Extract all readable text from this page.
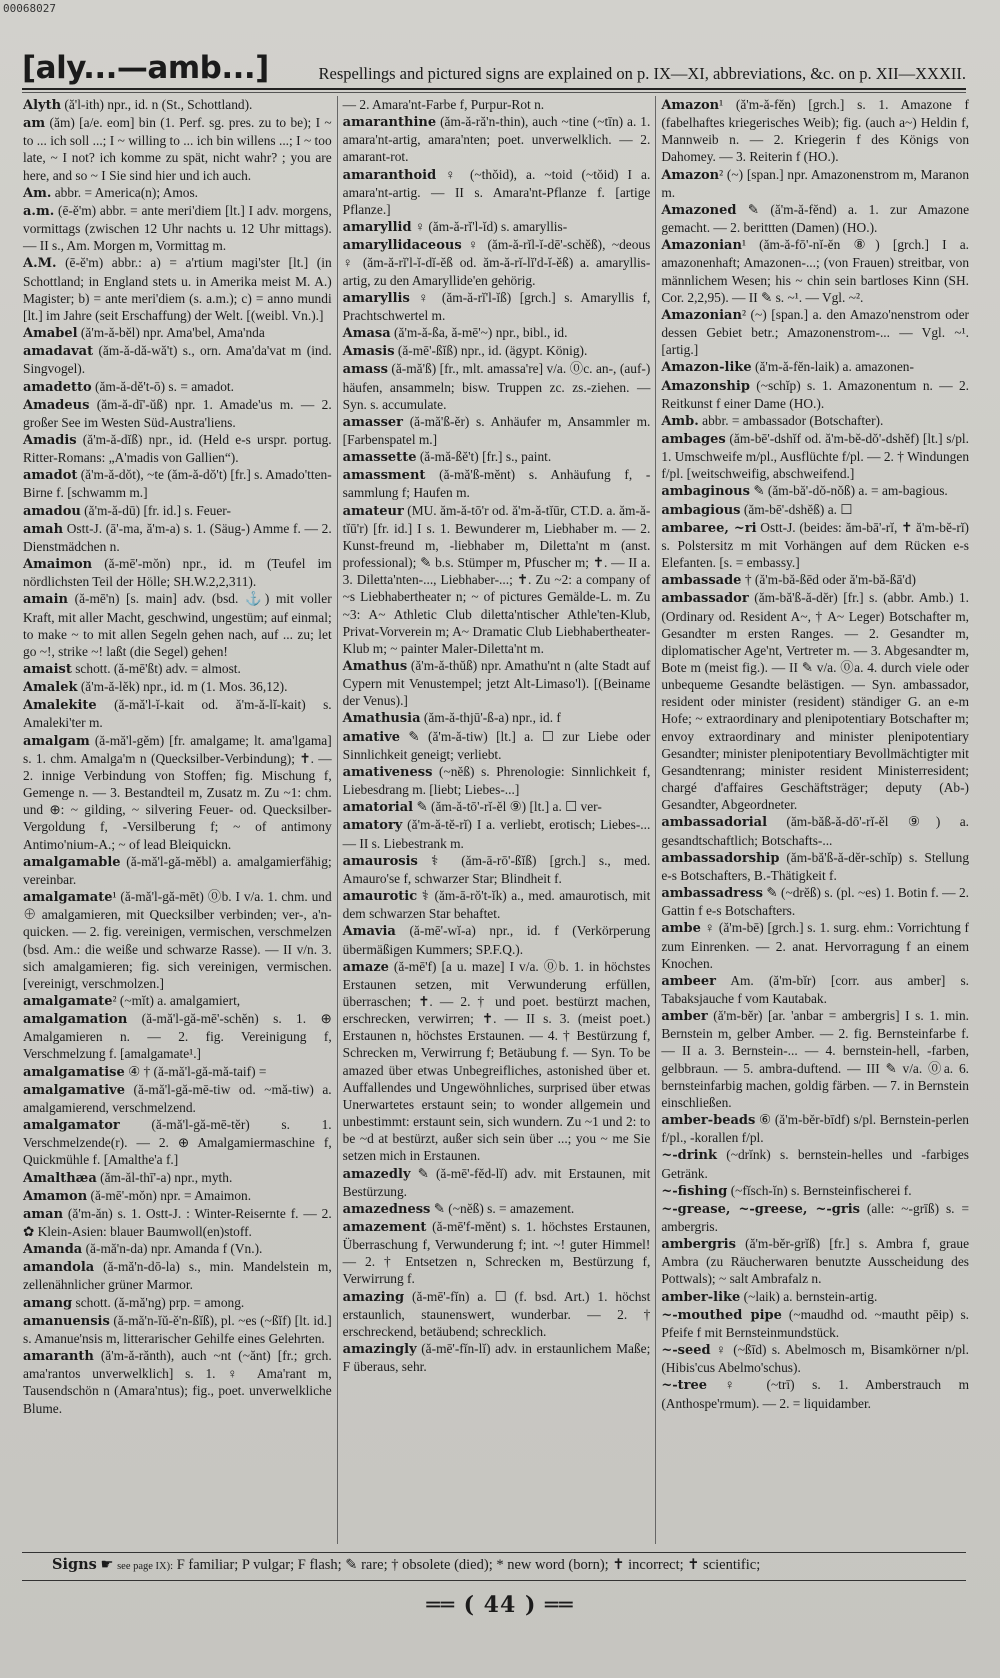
00068027
[aly...—amb...]	Respellings and pictured signs are explained on p. IX—XI, abbreviations, &c. on p. XII—XXXII.

Alyth (ă'l-ith) npr., id. n (St., Schottland).

am (ăm) [a/e. eom] bin (1. Perf. sg. pres. zu to be); I ~ to ... ich soll ...; I ~ willing to ... ich bin willens ...; I ~ too late, ~ I not? ich komme zu spät, nicht wahr? ; you are here, and so ~ I Sie sind hier und ich auch.

Am. abbr. = America(n); Amos.

a.m. (ē-ĕ'm) abbr. = ante meri'diem [lt.] I adv. morgens, vormittags (zwischen 12 Uhr nachts u. 12 Uhr mittags). — II s., Am. Morgen m, Vormittag m.

A.M. (ē-ĕ'm) abbr.: a) = a'rtium magi'ster [lt.] (in Schottland; in England stets u. in Amerika meist M. A.) Magister; b) = ante meri'diem (s. a.m.); c) = anno mundi [lt.] im Jahre (seit Erschaffung) der Welt. [(weibl. Vn.).]

Amabel (ă'm-ă-bĕl) npr. Ama'bel, Ama'nda

amadavat (ăm-ă-dă-wă't) s., orn. Ama'da'vat m (ind. Singvogel).

amadetto (ăm-ă-dĕ't-ō) s. = amadot.

Amadeus (ăm-ă-dī'-ŭß) npr. 1. Amade'us m. — 2. großer See im Westen Süd-Austra'liens.

Amadis (ă'm-ă-dĭß) npr., id. (Held e-s urspr. portug. Ritter-Romans: „A'madis von Gallien“).

amadot (ă'm-ă-dŏt), ~te (ăm-ă-dŏ't) [fr.] s. Amado'tten-Birne f. [schwamm m.]

amadou (ă'm-ă-dū) [fr. id.] s. Feuer-

amah Ostt-J. (ā'-ma, ă'm-a) s. 1. (Säug-) Amme f. — 2. Dienstmädchen n.

Amaimon (ă-mē'-mŏn) npr., id. m (Teufel im nördlichsten Teil der Hölle; SH.W.2,2,311).

amain (ă-mē'n) [s. main] adv. (bsd. ⚓) mit voller Kraft, mit aller Macht, geschwind, ungestüm; auf einmal; to make ~ to mit allen Segeln gehen nach, auf ... zu; let go ~!, strike ~! laßt (die Segel) gehen!

amaist schott. (ă-mē'ßt) adv. = almost.

Amalek (ă'm-ă-lĕk) npr., id. m (1. Mos. 36,12).

Amalekite (ă-mă'l-ĭ-kait od. ă'm-ă-lĭ-kait) s. Amaleki'ter m.

amalgam (ă-mă'l-gĕm) [fr. amalgame; lt. ama'lgama] s. 1. chm. Amalga'm n (Quecksilber-Verbindung); ✝. — 2. innige Verbindung von Stoffen; fig. Mischung f, Gemenge n. — 3. Bestandteil m, Zusatz m. Zu ~1: chm. und ⊕: ~ gilding, ~ silvering Feuer- od. Quecksilber-Vergoldung f, -Versilberung f; ~ of antimony Antimo'nium-A.; ~ of lead Bleiquickn.

amalgamable (ă-mă'l-gă-mĕbl) a. amalgamierfähig; vereinbar.

amalgamate¹ (ă-mă'l-gă-mēt) ⓪b. I v/a. 1. chm. und ⊕ amalgamieren, mit Quecksilber verbinden; ver-, a'n-quicken. — 2. fig. vereinigen, vermischen, verschmelzen (bsd. Am.: die weiße und schwarze Rasse). — II v/n. 3. sich amalgamieren; fig. sich vereinigen, vermischen. [vereinigt, verschmolzen.]

amalgamate² (~mĭt) a. amalgamiert,

amalgamation (ă-mă'l-gă-mē'-schĕn) s. 1. ⊕ Amalgamieren n. — 2. fig. Vereinigung f, Verschmelzung f. [amalgamate¹.]

amalgamatise ④ † (ă-mă'l-gă-mă-taif) =

amalgamative (ă-mă'l-gă-mē-tiw od. ~mă-tiw) a. amalgamierend, verschmelzend.

amalgamator (ă-mă'l-gă-mē-tĕr) s. 1. Verschmelzende(r). — 2. ⊕ Amalgamiermaschine f, Quickmühle f. [Amalthe'a f.]

Amalthæa (ăm-ăl-thī'-a) npr., myth.

Amamon (ă-mē'-mŏn) npr. = Amaimon.

aman (ă'm-ăn) s. 1. Ostt-J. : Winter-Reisernte f. — 2. ✿ Klein-Asien: blauer Baumwoll(en)stoff.

Amanda (ă-mă'n-da) npr. Amanda f (Vn.).

amandola (ă-mă'n-dō-la) s., min. Mandelstein m, zellenähnlicher grüner Marmor.

amang schott. (ă-mă'ng) prp. = among.

amanuensis (ă-mă'n-ĭŭ-ĕ'n-ßĭß), pl. ~es (~ßĭf) [lt. id.] s. Amanue'nsis m, litterarischer Gehilfe eines Gelehrten.

amaranth (ă'm-ă-rănth), auch ~nt (~ănt) [fr.; grch. ama'rantos unverwelklich] s. 1. ♀ Ama'rant m, Tausendschön n (Amara'ntus); fig., poet. unverwelkliche Blume.

— 2. Amara'nt-Farbe f, Purpur-Rot n.

amaranthine (ăm-ă-ră'n-thin), auch ~tine (~tīn) a. 1. amara'nt-artig, amara'nten; poet. unverwelklich. — 2. amarant-rot.

amaranthoid ♀ (~thŏid), a. ~toid (~tŏid) I a. amara'nt-artig. — II s. Amara'nt-Pflanze f. [artige Pflanze.]

amaryllid ♀ (ăm-ă-rĭ'l-ĭd) s. amaryllis-

amaryllidaceous ♀ (ăm-ă-rĭl-ĭ-dē'-schĕß), ~deous ♀ (ăm-ă-rĭ'l-ĭ-dĭ-ĕß od. ăm-ă-rĭ-lĭ'd-ĭ-ĕß) a. amaryllis-artig, zu den Amaryllide'en gehörig.

amaryllis ♀ (ăm-ă-rĭ'l-ĭß) [grch.] s. Amaryllis f, Prachtschwertel m.

Amasa (ă'm-ă-ßa, ă-mē'~) npr., bibl., id.

Amasis (ă-mē'-ßĭß) npr., id. (ägypt. König).

amass (ă-mă'ß) [fr., mlt. amassa're] v/a. ⓪c. an-, (auf-) häufen, ansammeln; bisw. Truppen zc. zs.-ziehen. — Syn. s. accumulate.

amasser (ă-mă'ß-ĕr) s. Anhäufer m, Ansammler m. [Farbenspatel m.]

amassette (ă-mă-ßĕ't) [fr.] s., paint.

amassment (ă-mă'ß-mĕnt) s. Anhäufung f, -sammlung f; Haufen m.

amateur (MU. ăm-ă-tō'r od. ă'm-ă-tĭūr, CT.D. a. ăm-ă-tĭū'r) [fr. id.] I s. 1. Bewunderer m, Liebhaber m. — 2. Kunst-freund m, -liebhaber m, Diletta'nt m (anst. professional); ✎ b.s. Stümper m, Pfuscher m; ✝. — II a. 3. Diletta'nten-..., Liebhaber-...; ✝. Zu ~2: a company of ~s Liebhabertheater n; ~ of pictures Gemälde-L. m. Zu ~3: A~ Athletic Club diletta'ntischer Athle'ten-Klub, Privat-Vorverein m; A~ Dramatic Club Liebhabertheater-Klub m; ~ painter Maler-Diletta'nt m.

Amathus (ă'm-ă-thŭß) npr. Amathu'nt n (alte Stadt auf Cypern mit Venustempel; jetzt Alt-Limaso'l). [(Beiname der Venus).]

Amathusia (ăm-ă-thjū'-ß-a) npr., id. f

amative ✎ (ă'm-ă-tiw) [lt.] a. ☐ zur Liebe oder Sinnlichkeit geneigt; verliebt.

amativeness (~nĕß) s. Phrenologie: Sinnlichkeit f, Liebesdrang m. [liebt; Liebes-...]

amatorial ✎ (ăm-ă-tō'-rĭ-ĕl ⑨) [lt.] a. ☐ ver-

amatory (ă'm-ă-tĕ-rĭ) I a. verliebt, erotisch; Liebes-... — II s. Liebestrank m.

amaurosis ⚕ (ăm-ā-rō'-ßĭß) [grch.] s., med. Amauro'se f, schwarzer Star; Blindheit f.

amaurotic ⚕ (ăm-ā-rŏ't-ĭk) a., med. amaurotisch, mit dem schwarzen Star behaftet.

Amavia (ă-mē'-wĭ-a) npr., id. f (Verkörperung übermäßigen Kummers; SP.F.Q.).

amaze (ă-mē'f) [a u. maze] I v/a. ⓪b. 1. in höchstes Erstaunen setzen, mit Verwunderung erfüllen, überraschen; ✝. — 2. † und poet. bestürzt machen, erschrecken, verwirren; ✝. — II s. 3. (meist poet.) Erstaunen n, höchstes Erstaunen. — 4. † Bestürzung f, Schrecken m, Verwirrung f; Betäubung f. — Syn. To be amazed über etwas Unbegreifliches, astonished über et. Auffallendes und Ungewöhnliches, surprised über etwas Unerwartetes erstaunt sein; to wonder allgemein und unbestimmt: erstaunt sein, sich wundern. Zu ~1 und 2: to be ~d at bestürzt, außer sich sein über ...; you ~ me Sie setzen mich in Erstaunen.

amazedly ✎ (ă-mē'-fĕd-lĭ) adv. mit Erstaunen, mit Bestürzung.

amazedness ✎ (~nĕß) s. = amazement.

amazement (ă-mē'f-mĕnt) s. 1. höchstes Erstaunen, Überraschung f, Verwunderung f; int. ~! guter Himmel! — 2. † Entsetzen n, Schrecken m, Bestürzung f, Verwirrung f.

amazing (ă-mē'-fĭn) a. ☐ (f. bsd. Art.) 1. höchst erstaunlich, staunenswert, wunderbar. — 2. † erschreckend, betäubend; schrecklich.

amazingly (ă-mē'-fĭn-lĭ) adv. in erstaunlichem Maße; F überaus, sehr.

Amazon¹ (ă'm-ă-fĕn) [grch.] s. 1. Amazone f (fabelhaftes kriegerisches Weib); fig. (auch a~) Heldin f, Mannweib n. — 2. Kriegerin f des Königs von Dahomey. — 3. Reiterin f (HO.).

Amazon² (~) [span.] npr. Amazonenstrom m, Maranon m.

Amazoned ✎ (ă'm-ă-fĕnd) a. 1. zur Amazone gemacht. — 2. berittten (Damen) (HO.).

Amazonian¹ (ăm-ă-fō'-nĭ-ĕn ⑧) [grch.] I a. amazonenhaft; Amazonen-...; (von Frauen) streitbar, von männlichem Wesen; his ~ chin sein bartloses Kinn (SH. Cor. 2,2,95). — II ✎ s. ~¹. — Vgl. ~².

Amazonian² (~) [span.] a. den Amazo'nenstrom oder dessen Gebiet betr.; Amazonenstrom-... — Vgl. ~¹. [artig.]

Amazon-like (ă'm-ă-fĕn-laik) a. amazonen-

Amazonship (~schĭp) s. 1. Amazonentum n. — 2. Reitkunst f einer Dame (HO.).

Amb. abbr. = ambassador (Botschafter).

ambages (ăm-bē'-dshĭf od. ă'm-bĕ-dŏ'-dshĕf) [lt.] s/pl. 1. Umschweife m/pl., Ausflüchte f/pl. — 2. † Windungen f/pl. [weitschweifig, abschweifend.]

ambaginous ✎ (ăm-bă'-dŏ-nŏß) a. = am-bagious.

ambagious (ăm-bē'-dshĕß) a. ☐

ambaree, ~ri Ostt-J. (beides: ăm-bā'-rĭ, ✝ ă'm-bĕ-rĭ) s. Polstersitz m mit Vorhängen auf dem Rücken e-s Elefanten. [s. = embassy.]

ambassade † (ă'm-bă-ßēd oder ă'm-bă-ßā'd)

ambassador (ăm-bă'ß-ă-dĕr) [fr.] s. (abbr. Amb.) 1. (Ordinary od. Resident A~, † A~ Leger) Botschafter m, Gesandter m ersten Ranges. — 2. Gesandter m, diplomatischer Age'nt, Vertreter m. — 3. Abgesandter m, Bote m (meist fig.). — II ✎ v/a. ⓪a. 4. durch viele oder unbequeme Gesandte belästigen. — Syn. ambassador, resident oder minister (resident) ständiger G. an e-m Hofe; ~ extraordinary and plenipotentiary Botschafter m; envoy extraordinary and minister plenipotentiary Gesandter; minister plenipotentiary Bevollmächtigter mit Gesandtenrang; minister resident Ministerresident; chargé d'affaires Geschäftsträger; deputy (Ab-) Gesandter, Abgeordneter.

ambassadorial (ăm-băß-ă-dō'-rĭ-ĕl ⑨) a. gesandtschaftlich; Botschafts-...

ambassadorship (ăm-bă'ß-ă-dĕr-schĭp) s. Stellung e-s Botschafters, B.-Thätigkeit f.

ambassadress ✎ (~drĕß) s. (pl. ~es) 1. Botin f. — 2. Gattin f e-s Botschafters.

ambe ♀ (ă'm-bē) [grch.] s. 1. surg. ehm.: Vorrichtung f zum Einrenken. — 2. anat. Hervorragung f an einem Knochen.

ambeer Am. (ă'm-bĭr) [corr. aus amber] s. Tabaksjauche f vom Kautabak.

amber (ă'm-bĕr) [ar. 'anbar = ambergris] I s. 1. min. Bernstein m, gelber Amber. — 2. fig. Bernsteinfarbe f. — II a. 3. Bernstein-... — 4. bernstein-hell, -farben, gelbbraun. — 5. ambra-duftend. — III ✎ v/a. ⓪a. 6. bernsteinfarbig machen, goldig färben. — 7. in Bernstein einschließen.

amber-beads ⑥ (ă'm-bĕr-bīdf) s/pl. Bernstein-perlen f/pl., -korallen f/pl.

~-drink (~drĭnk) s. bernstein-helles und -farbiges Getränk.

~-fishing (~fĭsch-ĭn) s. Bernsteinfischerei f.

~-grease, ~-greese, ~-gris (alle: ~-grīß) s. = ambergris.

ambergris (ă'm-bĕr-grĭß) [fr.] s. Ambra f, graue Ambra (zu Räucherwaren benutzte Ausscheidung des Pottwals); ~ salt Ambrafalz n.

amber-like (~laik) a. bernstein-artig.

~-mouthed pipe (~maudhd od. ~mautht pēip) s. Pfeife f mit Bernsteinmundstück.

~-seed ♀ (~ßīd) s. Abelmosch m, Bisamkörner n/pl. (Hibis'cus Abelmo'schus).

~-tree ♀ (~trī) s. 1. Amberstrauch m (Anthospe'rmum). — 2. = liquidamber.

Signs ☛ see page IX): F familiar; P vulgar; F flash; ✎ rare; † obsolete (died); * new word (born); ✝ incorrect; ✝ scientific;
══ ( 44 ) ══
